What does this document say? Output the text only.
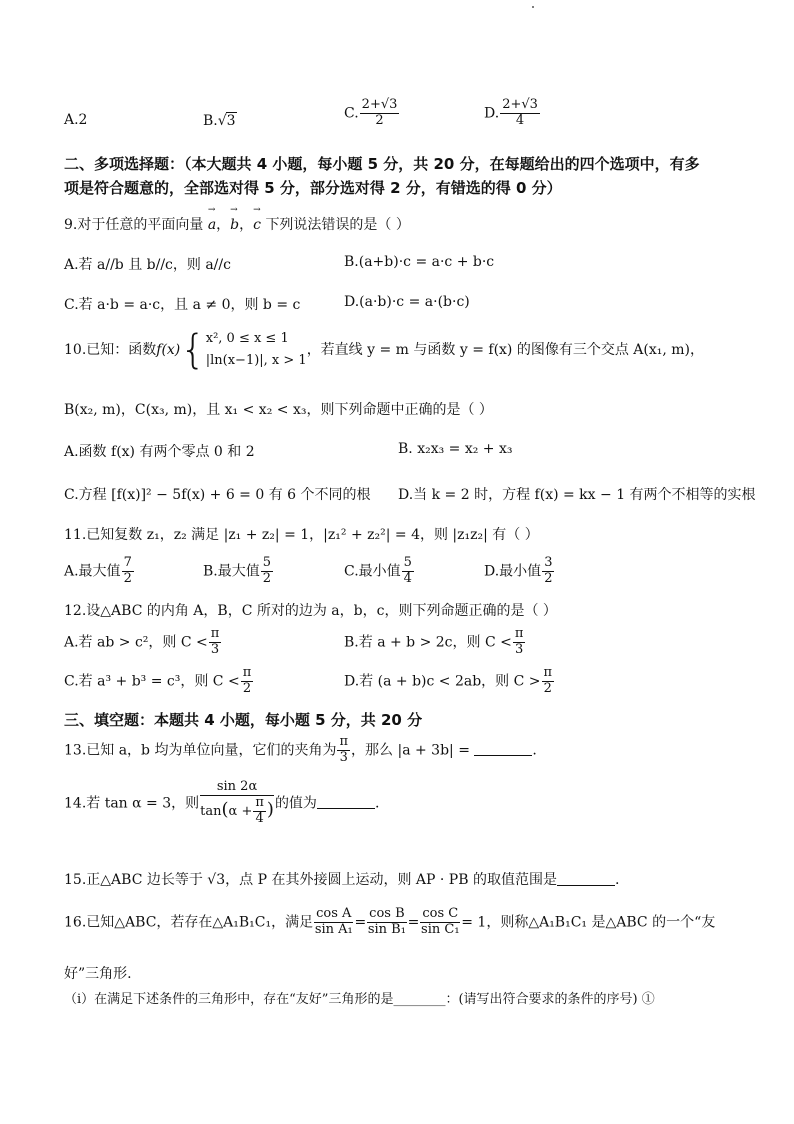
A.2	B.√3	C. $\frac{2+√3}{2}$	D. $\frac{2+√3}{4}$
二、多项选择题：（本大题共 4 小题，每小题 5 分，共 20 分，在每题给出的四个选项中，有多
项是符合题意的，全部选对得 5 分，部分选对得 2 分，有错选的得 0 分）
9.对于任意的平面向量 → a，→ b，→ c 下列说法错误的是（ ）
A.若 a//b 且 b//c，则 a//c	B.(a+b)·c = a·c + b·c
C.若 a·b = a·c，且 a ≠ 0，则 b = c	D.(a·b)·c = a·(b·c)
10.已知：函数f(x){ x², 0 ≤ x ≤ 1
|ln(x−1)|, x > 1
，若直线 y = m 与函数 y = f(x) 的图像有三个交点 A(x₁, m)，
B(x₂, m)，C(x₃, m)，且 x₁ < x₂ < x₃，则下列命题中正确的是（ ）
A.函数 f(x) 有两个零点 0 和 2	B. x₂x₃ = x₂ + x₃
C.方程 [f(x)]² − 5f(x) + 6 = 0 有 6 个不同的根 D.当 k = 2 时，方程 f(x) = kx − 1 有两个不相等的实根
11.已知复数 z₁，z₂ 满足 |z₁ + z₂| = 1，|z₁² + z₂²| = 4，则 |z₁z₂| 有（ ）
A.最大值 $\frac{7}{2}$	B.最大值 $\frac{5}{2}$	C.最小值 $\frac{5}{4}$	D.最小值 $\frac{3}{2}$
12.设△ABC 的内角 A，B，C 所对的边为 a，b，c，则下列命题正确的是（ ）
A.若 ab > c²，则 $C < \frac{\pi}{3}$	B.若 a + b > 2c，则 $C < \frac{\pi}{3}$
C.若 a³ + b³ = c³，则 $C < \frac{\pi}{2}$	D.若 (a + b)c < 2ab，则 $C > \frac{\pi}{2}$
三、填空题：本题共 4 小题，每小题 5 分，共 20 分
13.已知 a，b 均为单位向量，它们的夹角为 $\frac{\pi}{3}$ ，那么 |a + 3b| =	.
14.若 tan α = 3，则 $\frac{\sin 2\alpha}{\tan(\alpha + \frac{\pi}{4} )}$ 的值为	.
15.正△ABC 边长等于 √3，点 P 在其外接圆上运动，则 AP · PB 的取值范围是	.
16.已知△ABC，若存在△A₁B₁C₁，满足 $\frac{\text{cos A}}{\text{sin A₁}} = \frac{\text{cos B}}{\text{sin B₁}} = \frac{\text{cos C}}{\text{sin C₁}} = 1$，则称△A₁B₁C₁ 是△ABC 的一个“友
好”三角形.
（i）在满足下述条件的三角形中，存在“友好”三角形的是________：(请写出符合要求的条件的序号) ①
